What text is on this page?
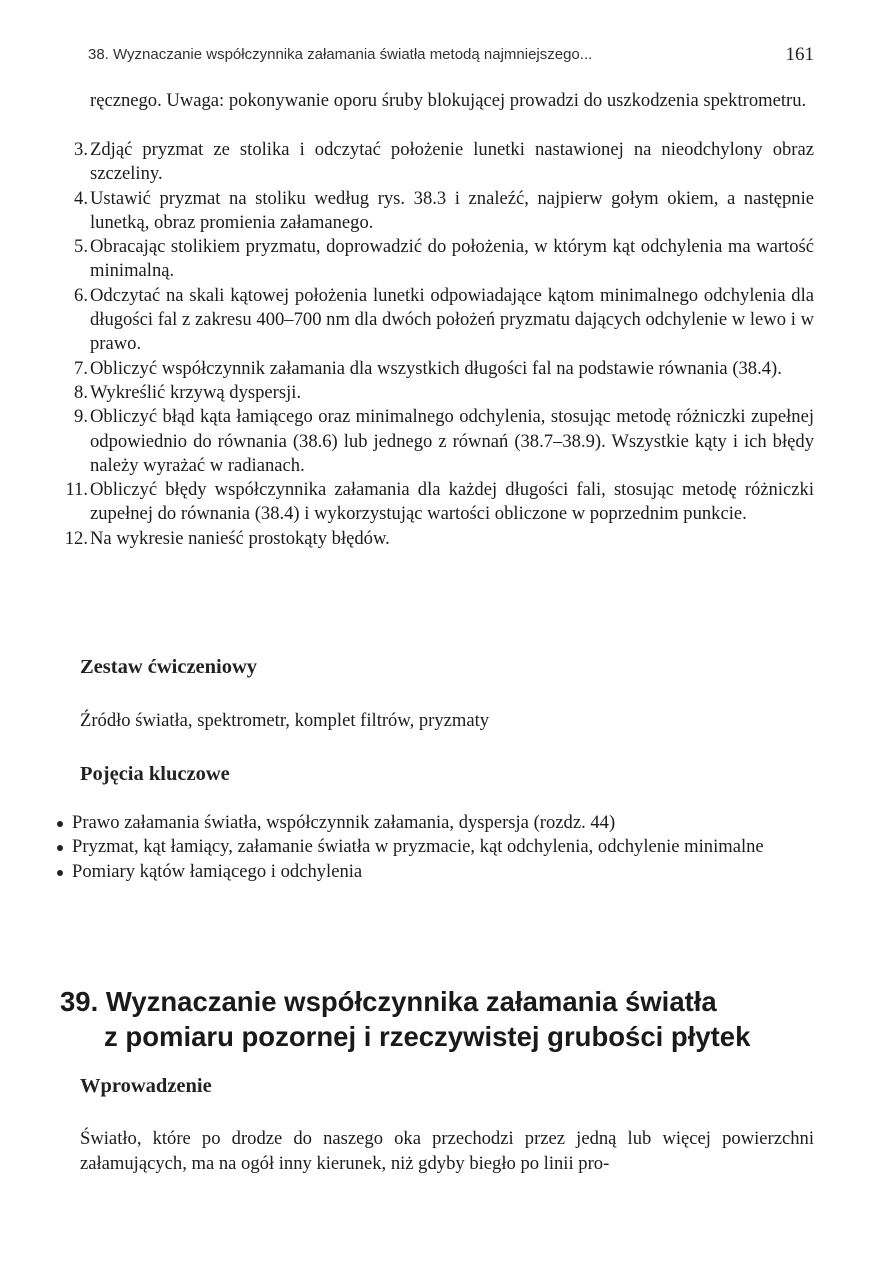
38. Wyznaczanie współczynnika załamania światła metodą najmniejszego...	161
ręcznego. Uwaga: pokonywanie oporu śruby blokującej prowadzi do uszkodzenia spektrometru.
3. Zdjąć pryzmat ze stolika i odczytać położenie lunetki nastawionej na nieodchylony obraz szczeliny.
4. Ustawić pryzmat na stoliku według rys. 38.3 i znaleźć, najpierw gołym okiem, a następnie lunetką, obraz promienia załamanego.
5. Obracając stolikiem pryzmatu, doprowadzić do położenia, w którym kąt odchylenia ma wartość minimalną.
6. Odczytać na skali kątowej położenia lunetki odpowiadające kątom minimalnego odchylenia dla długości fal z zakresu 400–700 nm dla dwóch położeń pryzmatu dających odchylenie w lewo i w prawo.
7. Obliczyć współczynnik załamania dla wszystkich długości fal na podstawie równania (38.4).
8. Wykreślić krzywą dyspersji.
9. Obliczyć błąd kąta łamiącego oraz minimalnego odchylenia, stosując metodę różniczki zupełnej odpowiednio do równania (38.6) lub jednego z równań (38.7–38.9). Wszystkie kąty i ich błędy należy wyrażać w radianach.
11. Obliczyć błędy współczynnika załamania dla każdej długości fali, stosując metodę różniczki zupełnej do równania (38.4) i wykorzystując wartości obliczone w poprzednim punkcie.
12. Na wykresie nanieść prostokąty błędów.
Zestaw ćwiczeniowy
Źródło światła, spektrometr, komplet filtrów, pryzmaty
Pojęcia kluczowe
Prawo załamania światła, współczynnik załamania, dyspersja (rozdz. 44)
Pryzmat, kąt łamiący, załamanie światła w pryzmacie, kąt odchylenia, odchylenie minimalne
Pomiary kątów łamiącego i odchylenia
39. Wyznaczanie współczynnika załamania światła
z pomiaru pozornej i rzeczywistej grubości płytek
Wprowadzenie
Światło, które po drodze do naszego oka przechodzi przez jedną lub więcej powierzchni załamujących, ma na ogół inny kierunek, niż gdyby biegło po linii pro-
